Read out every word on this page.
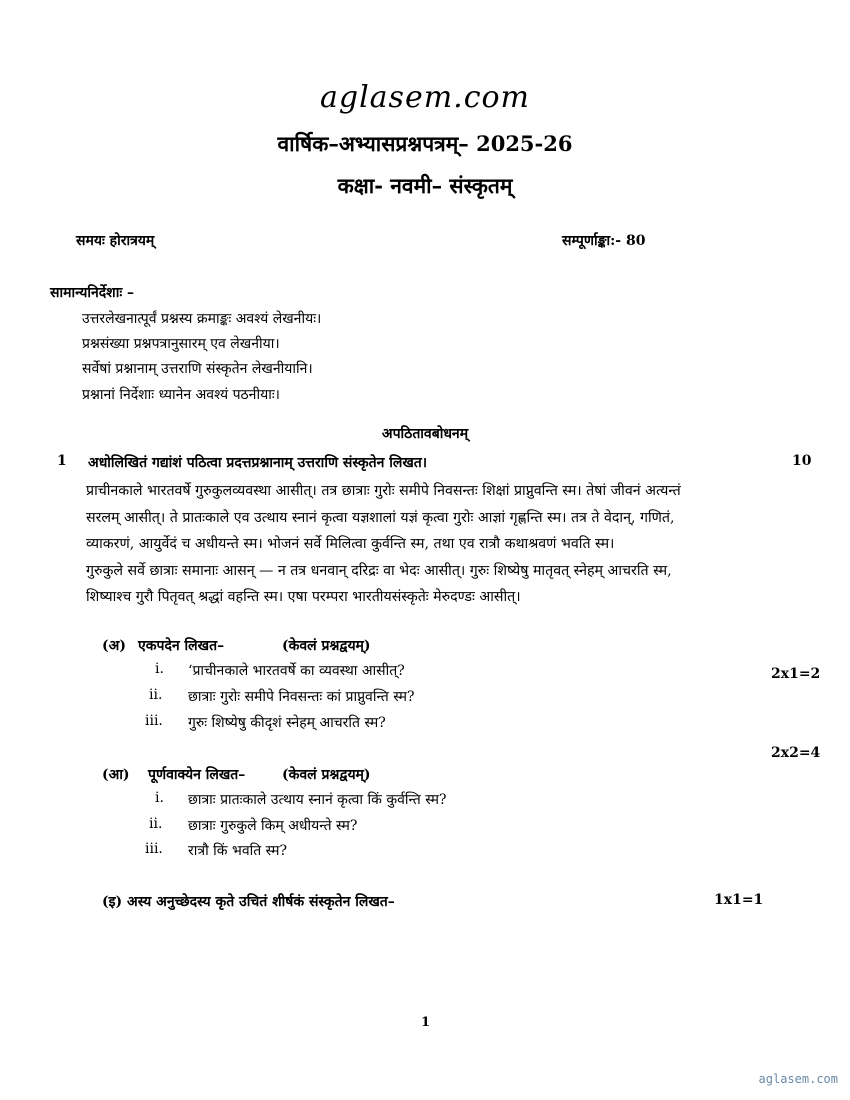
aglasem.com
वार्षिक–अभ्यासप्रश्नपत्रम्– 2025-26
कक्षा- नवमी– संस्कृतम्
समयः होरात्रयम्	सम्पूर्णाङ्का:- 80
सामान्यनिर्देशाः –
उत्तरलेखनात्पूर्वं प्रश्नस्य क्रमाङ्कः अवश्यं लेखनीयः।
प्रश्नसंख्या प्रश्नपत्रानुसारम् एव लेखनीया।
सर्वेषां प्रश्नानाम् उत्तराणि संस्कृतेन लेखनीयानि।
प्रश्नानां निर्देशाः ध्यानेन अवश्यं पठनीयाः।
अपठितावबोधनम्
1 अधोलिखितं गद्यांशं पठित्वा प्रदत्तप्रश्नानाम् उत्तराणि संस्कृतेन लिखत।	10

प्राचीनकाले भारतवर्षे गुरुकुलव्यवस्था आसीत्। तत्र छात्राः गुरोः समीपे निवसन्तः शिक्षां प्राप्नुवन्ति स्म। तेषां जीवनं अत्यन्तं

सरलम् आसीत्। ते प्रातःकाले एव उत्थाय स्नानं कृत्वा यज्ञशालां यज्ञं कृत्वा गुरोः आज्ञां गृह्णन्ति स्म। तत्र ते वेदान्, गणितं,

व्याकरणं, आयुर्वेदं च अधीयन्ते स्म। भोजनं सर्वे मिलित्वा कुर्वन्ति स्म, तथा एव रात्रौ कथाश्रवणं भवति स्म।

गुरुकुले सर्वे छात्राः समानाः आसन् — न तत्र धनवान् दरिद्रः वा भेदः आसीत्। गुरुः शिष्येषु मातृवत् स्नेहम् आचरति स्म,

शिष्याश्च गुरौ पितृवत् श्रद्धां वहन्ति स्म। एषा परम्परा भारतीयसंस्कृतेः मेरुदण्डः आसीत्।

(अ) एकपदेन लिखत–	(केवलं प्रश्नद्वयम्)
i. ‘प्राचीनकाले भारतवर्षे का व्यवस्था आसीत्?	2x1=2
ii. छात्राः गुरोः समीपे निवसन्तः कां प्राप्नुवन्ति स्म?
iii. गुरुः शिष्येषु कीदृशं स्नेहम् आचरति स्म?
2x2=4
(आ) पूर्णवाक्येन लिखत–	(केवलं प्रश्नद्वयम्)
i. छात्राः प्रातःकाले उत्थाय स्नानं कृत्वा किं कुर्वन्ति स्म?
ii. छात्राः गुरुकुले किम् अधीयन्ते स्म?
iii. रात्रौ किं भवति स्म?
(इ) अस्य अनुच्छेदस्य कृते उचितं शीर्षकं संस्कृतेन लिखत–	1x1=1
1
aglasem.com
